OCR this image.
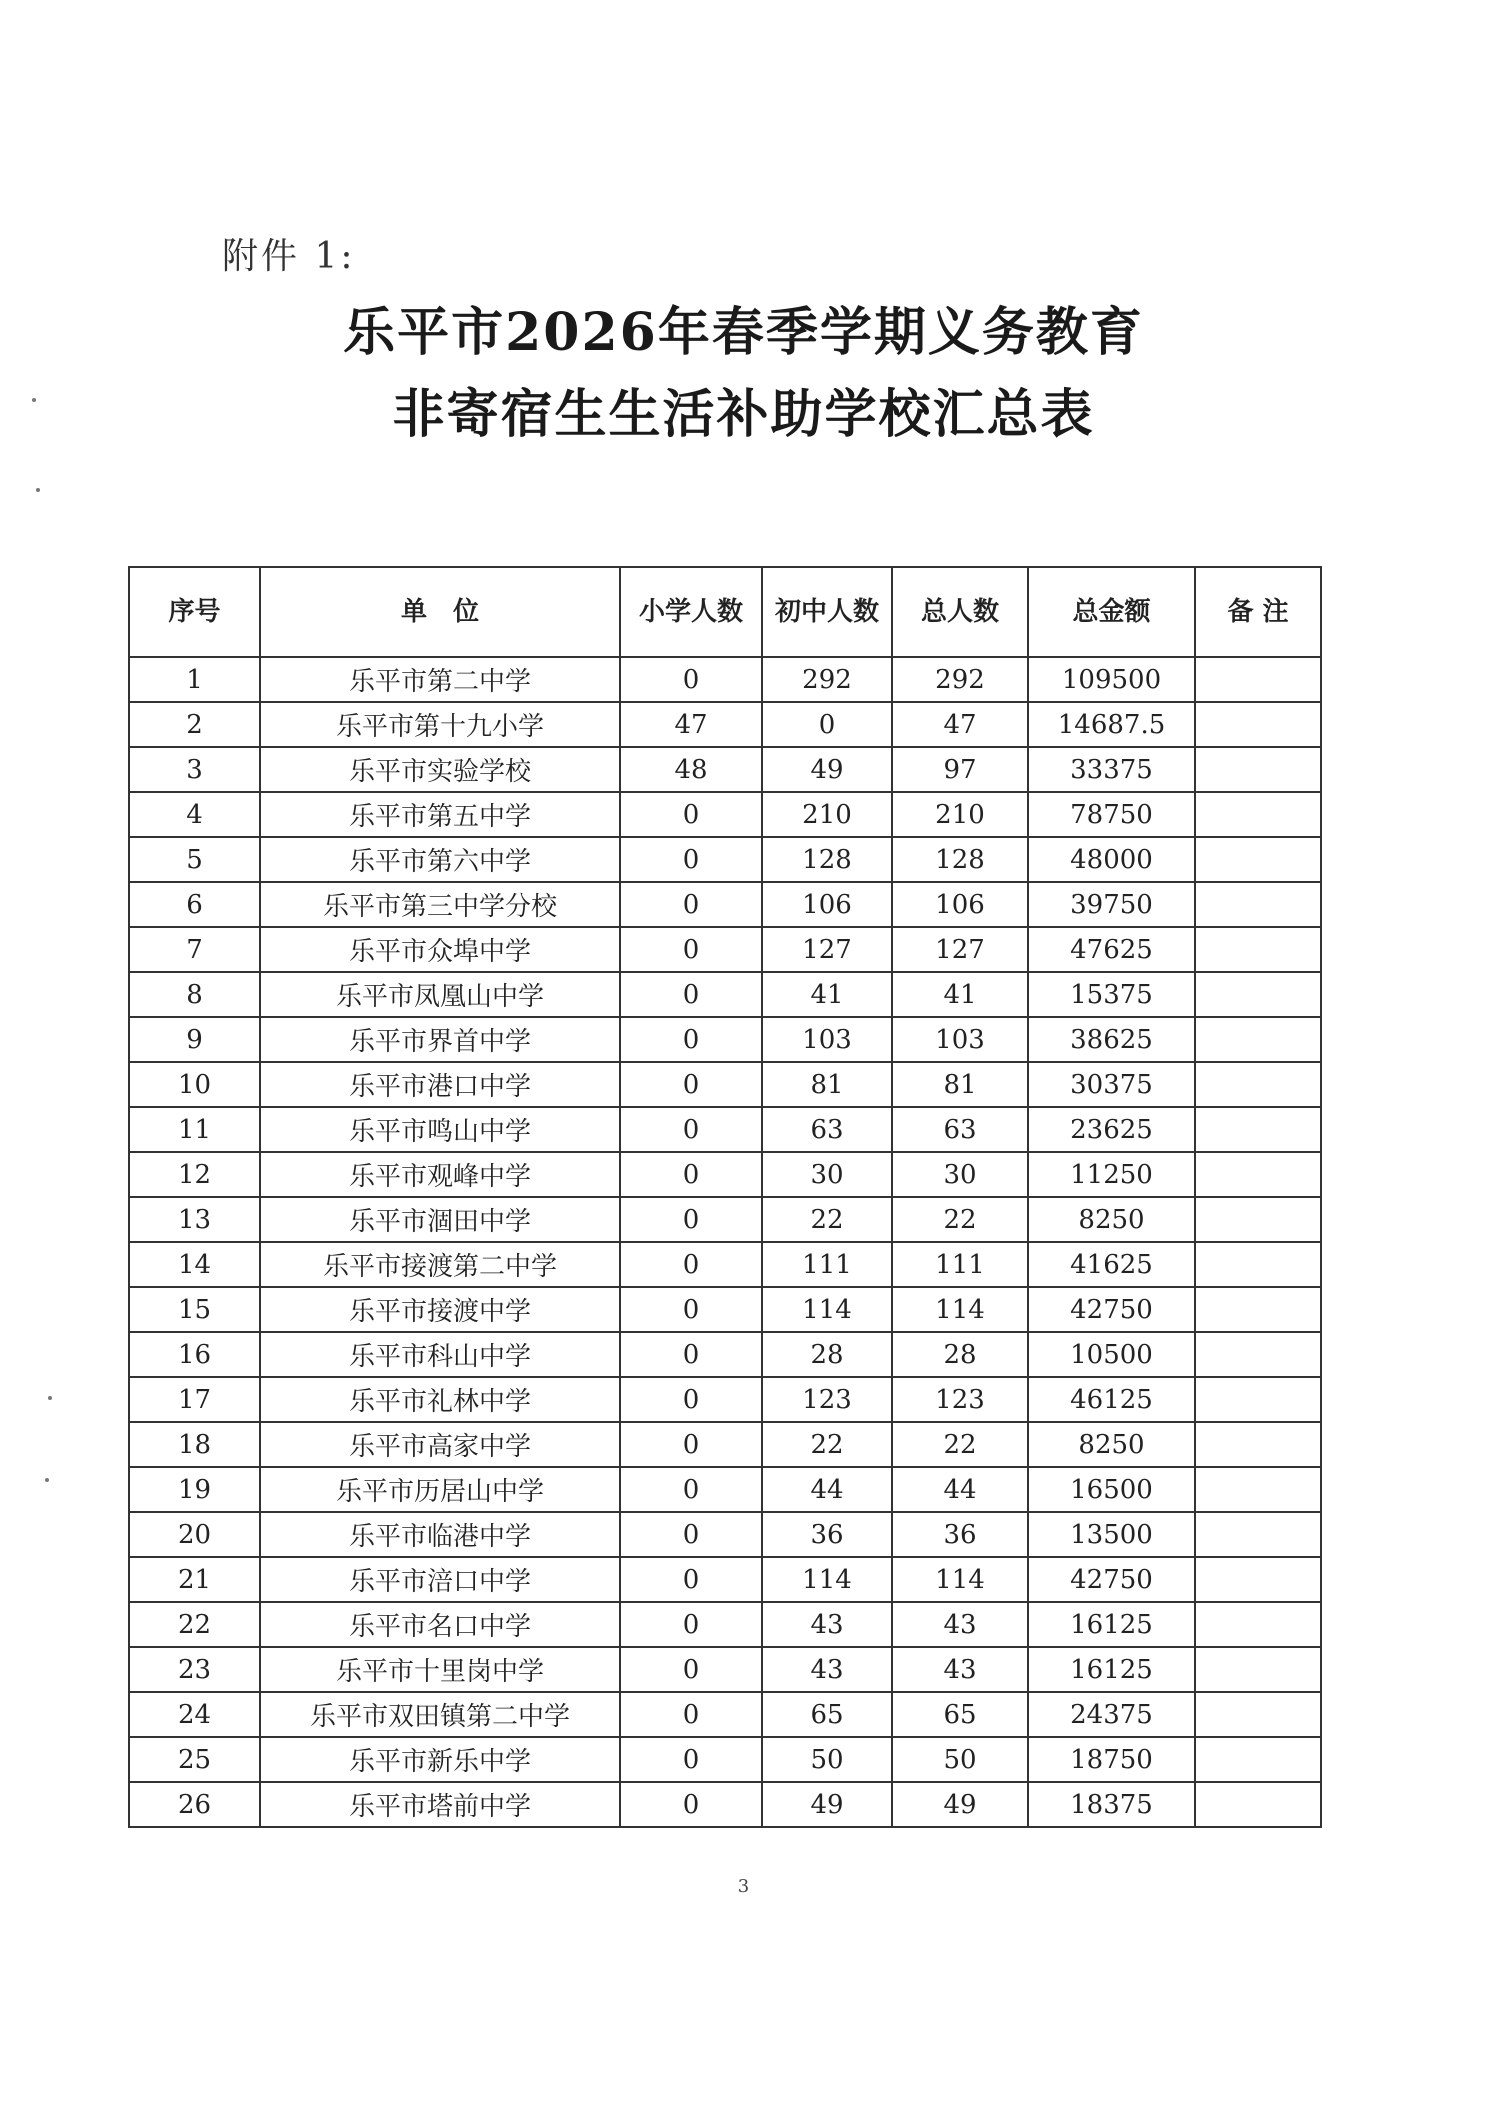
附件 1:
乐平市2026年春季学期义务教育
非寄宿生生活补助学校汇总表
序号	单　位	小学人数	初中人数	总人数	总金额	备 注
1	乐平市第二中学	0	292	292	109500	
2	乐平市第十九小学	47	0	47	14687.5	
3	乐平市实验学校	48	49	97	33375	
4	乐平市第五中学	0	210	210	78750	
5	乐平市第六中学	0	128	128	48000	
6	乐平市第三中学分校	0	106	106	39750	
7	乐平市众埠中学	0	127	127	47625	
8	乐平市凤凰山中学	0	41	41	15375	
9	乐平市界首中学	0	103	103	38625	
10	乐平市港口中学	0	81	81	30375	
11	乐平市鸣山中学	0	63	63	23625	
12	乐平市观峰中学	0	30	30	11250	
13	乐平市涸田中学	0	22	22	8250	
14	乐平市接渡第二中学	0	111	111	41625	
15	乐平市接渡中学	0	114	114	42750	
16	乐平市科山中学	0	28	28	10500	
17	乐平市礼林中学	0	123	123	46125	
18	乐平市高家中学	0	22	22	8250	
19	乐平市历居山中学	0	44	44	16500	
20	乐平市临港中学	0	36	36	13500	
21	乐平市涪口中学	0	114	114	42750	
22	乐平市名口中学	0	43	43	16125	
23	乐平市十里岗中学	0	43	43	16125	
24	乐平市双田镇第二中学	0	65	65	24375	
25	乐平市新乐中学	0	50	50	18750	
26	乐平市塔前中学	0	49	49	18375	
3
